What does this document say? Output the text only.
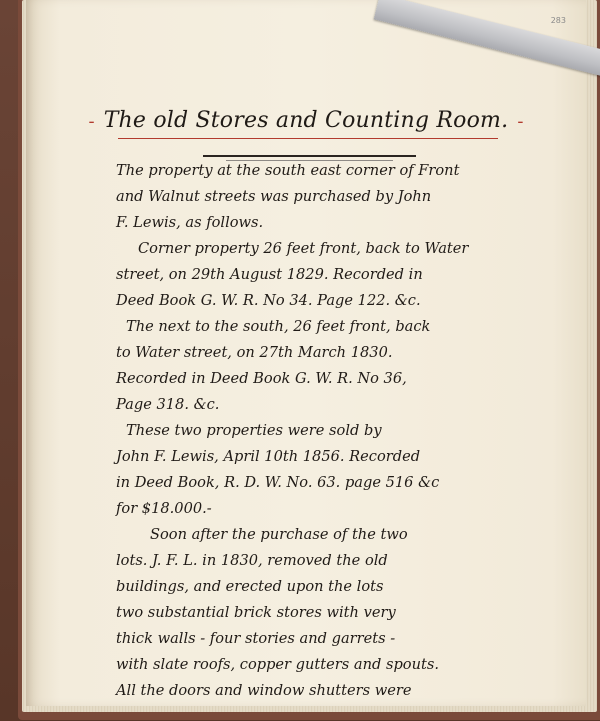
283
- The old Stores and Counting Room. -
The property at the south east corner of Front
and Walnut streets was purchased by John
F. Lewis, as follows.
Corner property 26 feet front, back to Water
street, on 29th August 1829. Recorded in
Deed Book G. W. R. No 34. Page 122. &c.
The next to the south, 26 feet front, back
to Water street, on 27th March 1830.
Recorded in Deed Book G. W. R. No 36,
Page 318. &c.
These two properties were sold by
John F. Lewis, April 10th 1856. Recorded
in Deed Book, R. D. W. No. 63. page 516 &c
for $18.000.-
Soon after the purchase of the two
lots. J. F. L. in 1830, removed the old
buildings, and erected upon the lots
two substantial brick stores with very
thick walls - four stories and garrets -
with slate roofs, copper gutters and spouts.
All the doors and window shutters were
